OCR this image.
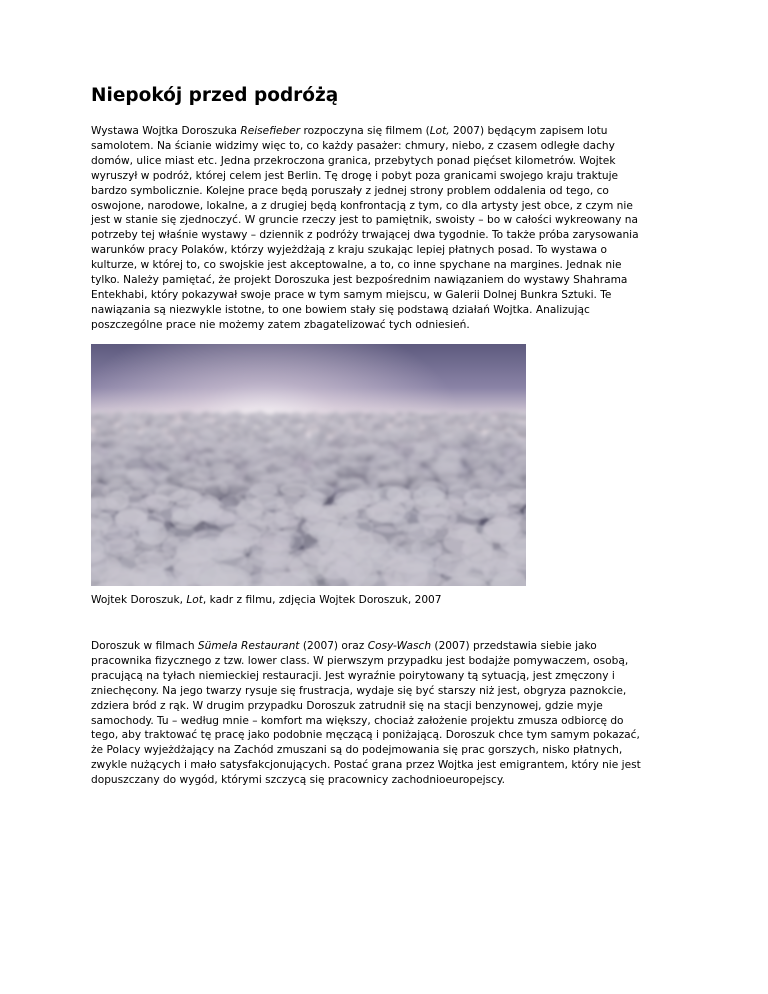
Niepokój przed podróżą

Wystawa Wojtka Doroszuka Reisefieber rozpoczyna się filmem (Lot, 2007) będącym zapisem lotu
samolotem. Na ścianie widzimy więc to, co każdy pasażer: chmury, niebo, z czasem odległe dachy
domów, ulice miast etc. Jedna przekroczona granica, przebytych ponad pięćset kilometrów. Wojtek
wyruszył w podróż, której celem jest Berlin. Tę drogę i pobyt poza granicami swojego kraju traktuje
bardzo symbolicznie. Kolejne prace będą poruszały z jednej strony problem oddalenia od tego, co
oswojone, narodowe, lokalne, a z drugiej będą konfrontacją z tym, co dla artysty jest obce, z czym nie
jest w stanie się zjednoczyć. W gruncie rzeczy jest to pamiętnik, swoisty – bo w całości wykreowany na
potrzeby tej właśnie wystawy – dziennik z podróży trwającej dwa tygodnie. To także próba zarysowania
warunków pracy Polaków, którzy wyjeżdżają z kraju szukając lepiej płatnych posad. To wystawa o
kulturze, w której to, co swojskie jest akceptowalne, a to, co inne spychane na margines. Jednak nie
tylko. Należy pamiętać, że projekt Doroszuka jest bezpośrednim nawiązaniem do wystawy Shahrama
Entekhabi, który pokazywał swoje prace w tym samym miejscu, w Galerii Dolnej Bunkra Sztuki. Te
nawiązania są niezwykle istotne, to one bowiem stały się podstawą działań Wojtka. Analizując
poszczególne prace nie możemy zatem zbagatelizować tych odniesień.

Wojtek Doroszuk, Lot, kadr z filmu, zdjęcia Wojtek Doroszuk, 2007

Doroszuk w filmach Sümela Restaurant (2007) oraz Cosy-Wasch (2007) przedstawia siebie jako
pracownika fizycznego z tzw. lower class. W pierwszym przypadku jest bodajże pomywaczem, osobą,
pracującą na tyłach niemieckiej restauracji. Jest wyraźnie poirytowany tą sytuacją, jest zmęczony i
zniechęcony. Na jego twarzy rysuje się frustracja, wydaje się być starszy niż jest, obgryza paznokcie,
zdziera bród z rąk. W drugim przypadku Doroszuk zatrudnił się na stacji benzynowej, gdzie myje
samochody. Tu – według mnie – komfort ma większy, chociaż założenie projektu zmusza odbiorcę do
tego, aby traktować tę pracę jako podobnie męczącą i poniżającą. Doroszuk chce tym samym pokazać,
że Polacy wyjeżdżający na Zachód zmuszani są do podejmowania się prac gorszych, nisko płatnych,
zwykle nużących i mało satysfakcjonujących. Postać grana przez Wojtka jest emigrantem, który nie jest
dopuszczany do wygód, którymi szczycą się pracownicy zachodnioeuropejscy.
